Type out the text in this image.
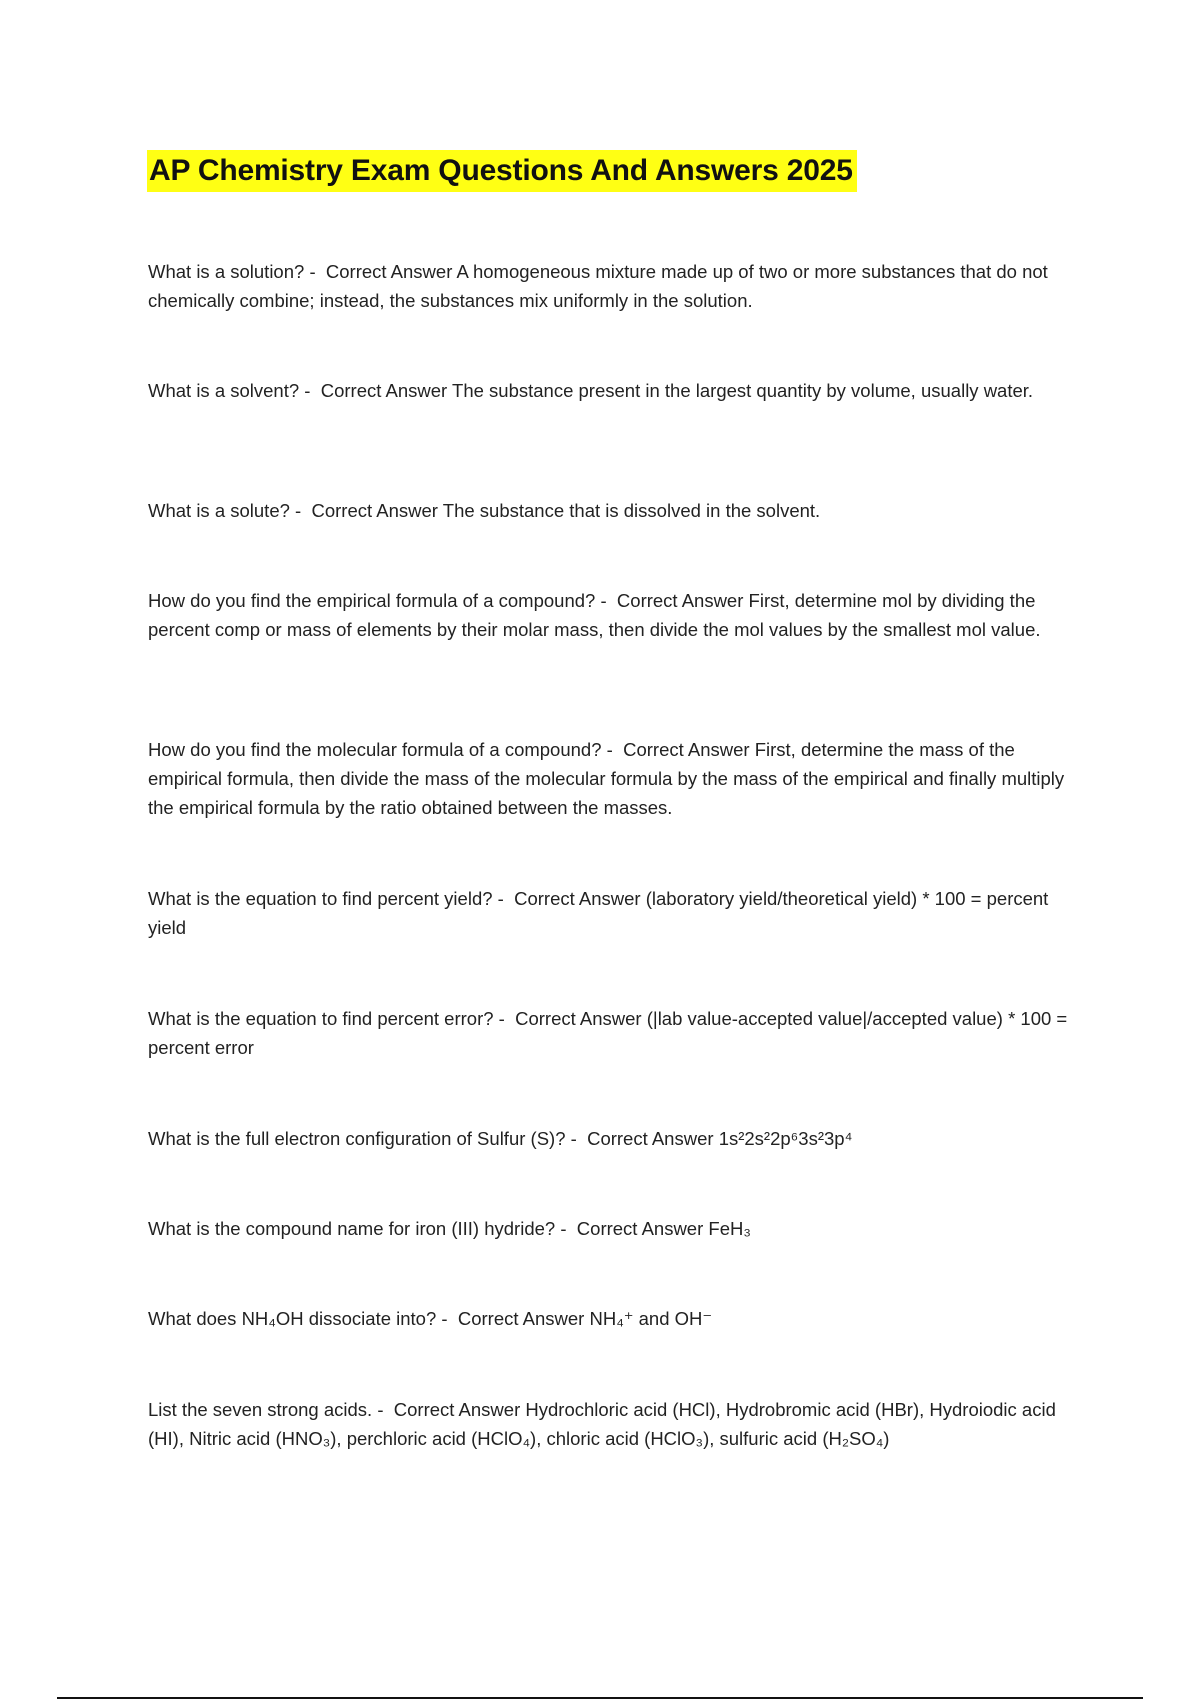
AP Chemistry Exam Questions And Answers 2025
What is a solution? -  Correct Answer A homogeneous mixture made up of two or more substances that do not chemically combine; instead, the substances mix uniformly in the solution.
What is a solvent? -  Correct Answer The substance present in the largest quantity by volume, usually water.
What is a solute? -  Correct Answer The substance that is dissolved in the solvent.
How do you find the empirical formula of a compound? -  Correct Answer First, determine mol by dividing the percent comp or mass of elements by their molar mass, then divide the mol values by the smallest mol value.
How do you find the molecular formula of a compound? -  Correct Answer First, determine the mass of the empirical formula, then divide the mass of the molecular formula by the mass of the empirical and finally multiply the empirical formula by the ratio obtained between the masses.
What is the equation to find percent yield? -  Correct Answer (laboratory yield/theoretical yield) * 100 = percent yield
What is the equation to find percent error? -  Correct Answer (|lab value-accepted value|/accepted value) * 100 = percent error
What is the full electron configuration of Sulfur (S)? -  Correct Answer 1s²2s²2p⁶3s²3p⁴
What is the compound name for iron (III) hydride? -  Correct Answer FeH₃
What does NH₄OH dissociate into? -  Correct Answer NH₄⁺ and OH⁻
List the seven strong acids. -  Correct Answer Hydrochloric acid (HCl), Hydrobromic acid (HBr), Hydroiodic acid (HI), Nitric acid (HNO₃), perchloric acid (HClO₄), chloric acid (HClO₃), sulfuric acid (H₂SO₄)
